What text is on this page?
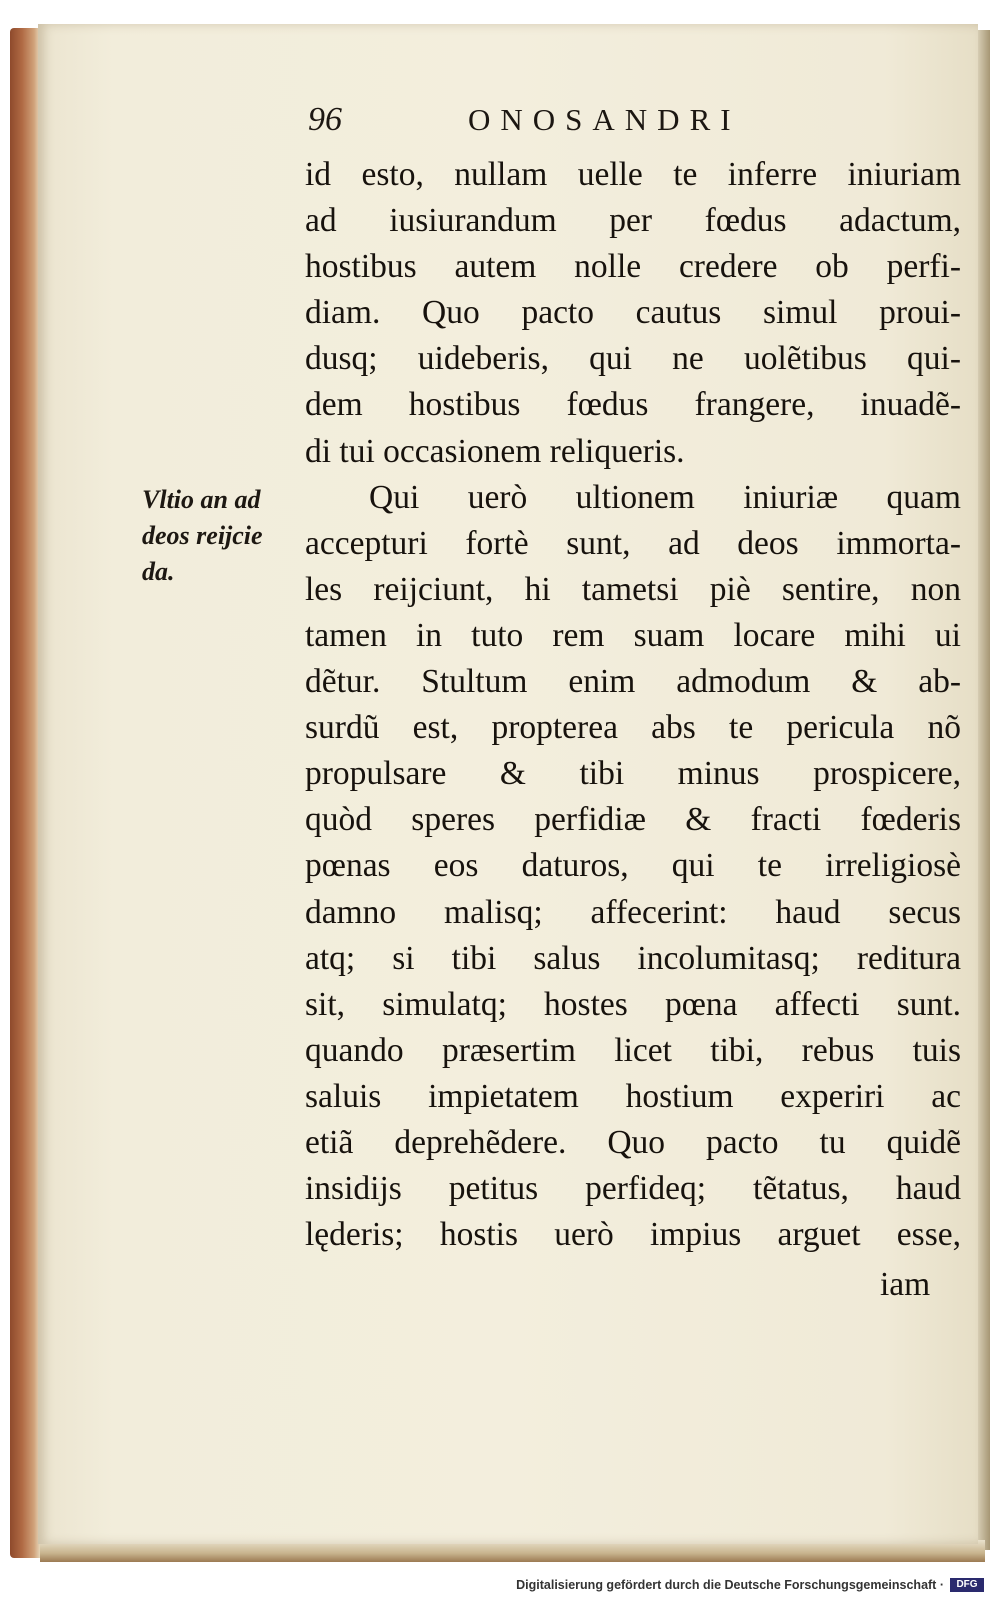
96	ONOSANDRI
Vltio an ad
deos reijcie
da.
id esto, nullam uelle te inferre iniuriam
ad iusiurandum per fœdus adactum,
hostibus autem nolle credere ob perfi-
diam. Quo pacto cautus simul proui-
dusq; uideberis, qui ne uolẽtibus qui-
dem hostibus fœdus frangere, inuadẽ-
di tui occasionem reliqueris.
Qui uerò ultionem iniuriæ quam
accepturi fortè sunt, ad deos immorta-
les reijciunt, hi tametsi piè sentire, non
tamen in tuto rem suam locare mihi ui
dẽtur. Stultum enim admodum & ab-
surdũ est, propterea abs te pericula nõ
propulsare & tibi minus prospicere,
quòd speres perfidiæ & fracti fœderis
pœnas eos daturos, qui te irreligiosè
damno malisq; affecerint: haud secus
atq; si tibi salus incolumitasq; reditura
sit, simulatq; hostes pœna affecti sunt.
quando præsertim licet tibi, rebus tuis
saluis impietatem hostium experiri ac
etiã deprehẽdere. Quo pacto tu quidẽ
insidijs petitus perfideq; tẽtatus, haud
lęderis; hostis uerò impius arguet esse,
iam
Digitalisierung gefördert durch die Deutsche Forschungsgemeinschaft ·	DFG
